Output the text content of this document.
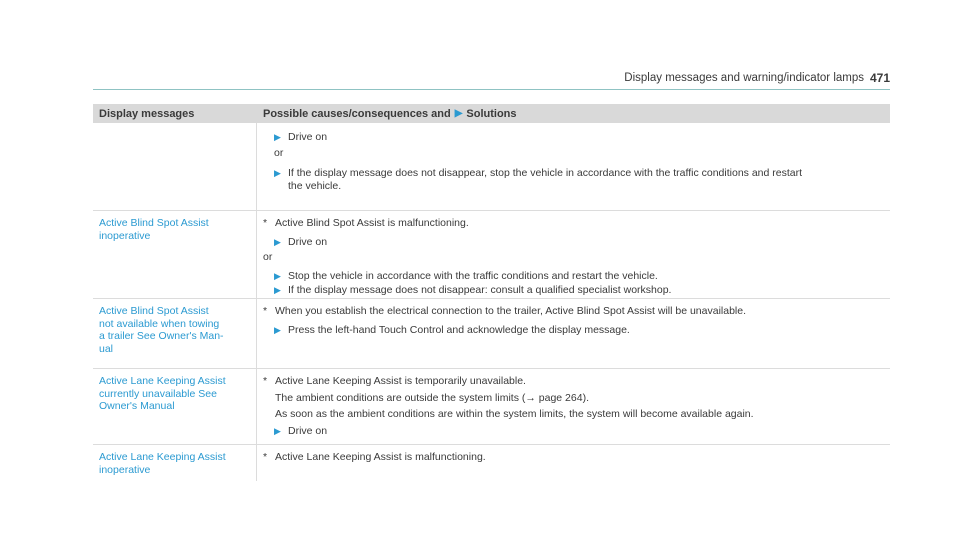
Display messages and warning/indicator lamps 471
Display messages	Possible causes/consequences and ▶ Solutions
▶ Drive on
or
▶ If the display message does not disappear, stop the vehicle in accordance with the traffic conditions and restart
the vehicle.
Active Blind Spot Assist
inoperative
* Active Blind Spot Assist is malfunctioning.
▶ Drive on
or
▶ Stop the vehicle in accordance with the traffic conditions and restart the vehicle.
▶ If the display message does not disappear: consult a qualified specialist workshop.
Active Blind Spot Assist
not available when towing
a trailer See Owner's Man-
ual
* When you establish the electrical connection to the trailer, Active Blind Spot Assist will be unavailable.
▶ Press the left-hand Touch Control and acknowledge the display message.
Active Lane Keeping Assist
currently unavailable See
Owner's Manual
* Active Lane Keeping Assist is temporarily unavailable.
The ambient conditions are outside the system limits (→ page 264).
As soon as the ambient conditions are within the system limits, the system will become available again.
▶ Drive on
Active Lane Keeping Assist
inoperative
* Active Lane Keeping Assist is malfunctioning.
